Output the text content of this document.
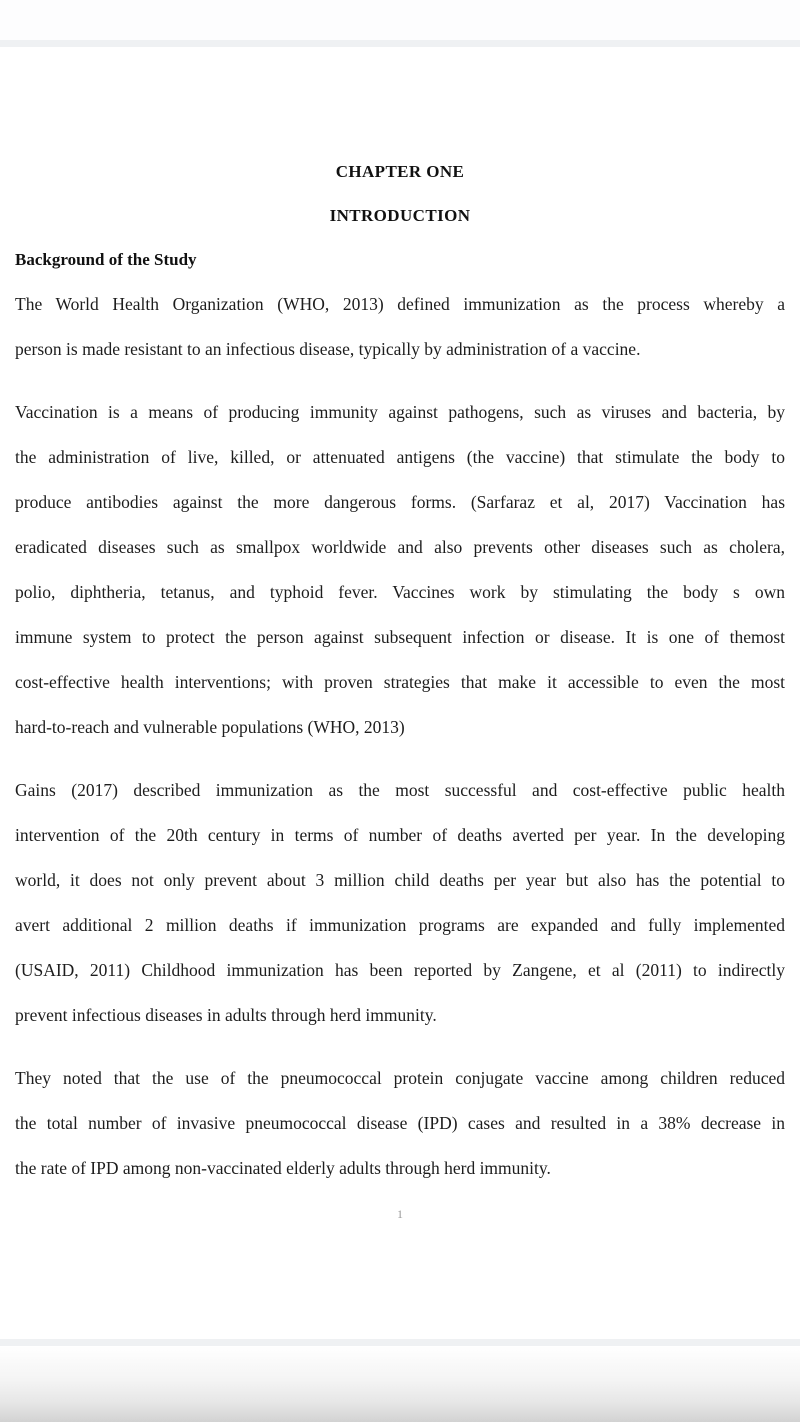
CHAPTER ONE
INTRODUCTION
Background of the Study
The World Health Organization (WHO, 2013) defined immunization as the process whereby a
person is made resistant to an infectious disease, typically by administration of a vaccine.
Vaccination is a means of producing immunity against pathogens, such as viruses and bacteria, by
the administration of live, killed, or attenuated antigens (the vaccine) that stimulate the body to
produce antibodies against the more dangerous forms. (Sarfaraz et al, 2017) Vaccination has
eradicated diseases such as smallpox worldwide and also prevents other diseases such as cholera,
polio, diphtheria, tetanus, and typhoid fever. Vaccines work by stimulating the body s own
immune system to protect the person against subsequent infection or disease. It is one of themost
cost-effective health interventions; with proven strategies that make it accessible to even the most
hard-to-reach and vulnerable populations (WHO, 2013)
Gains (2017) described immunization as the most successful and cost-effective public health
intervention of the 20th century in terms of number of deaths averted per year. In the developing
world, it does not only prevent about 3 million child deaths per year but also has the potential to
avert additional 2 million deaths if immunization programs are expanded and fully implemented
(USAID, 2011) Childhood immunization has been reported by Zangene, et al (2011) to indirectly
prevent infectious diseases in adults through herd immunity.
They noted that the use of the pneumococcal protein conjugate vaccine among children reduced
the total number of invasive pneumococcal disease (IPD) cases and resulted in a 38% decrease in
the rate of IPD among non-vaccinated elderly adults through herd immunity.
1
